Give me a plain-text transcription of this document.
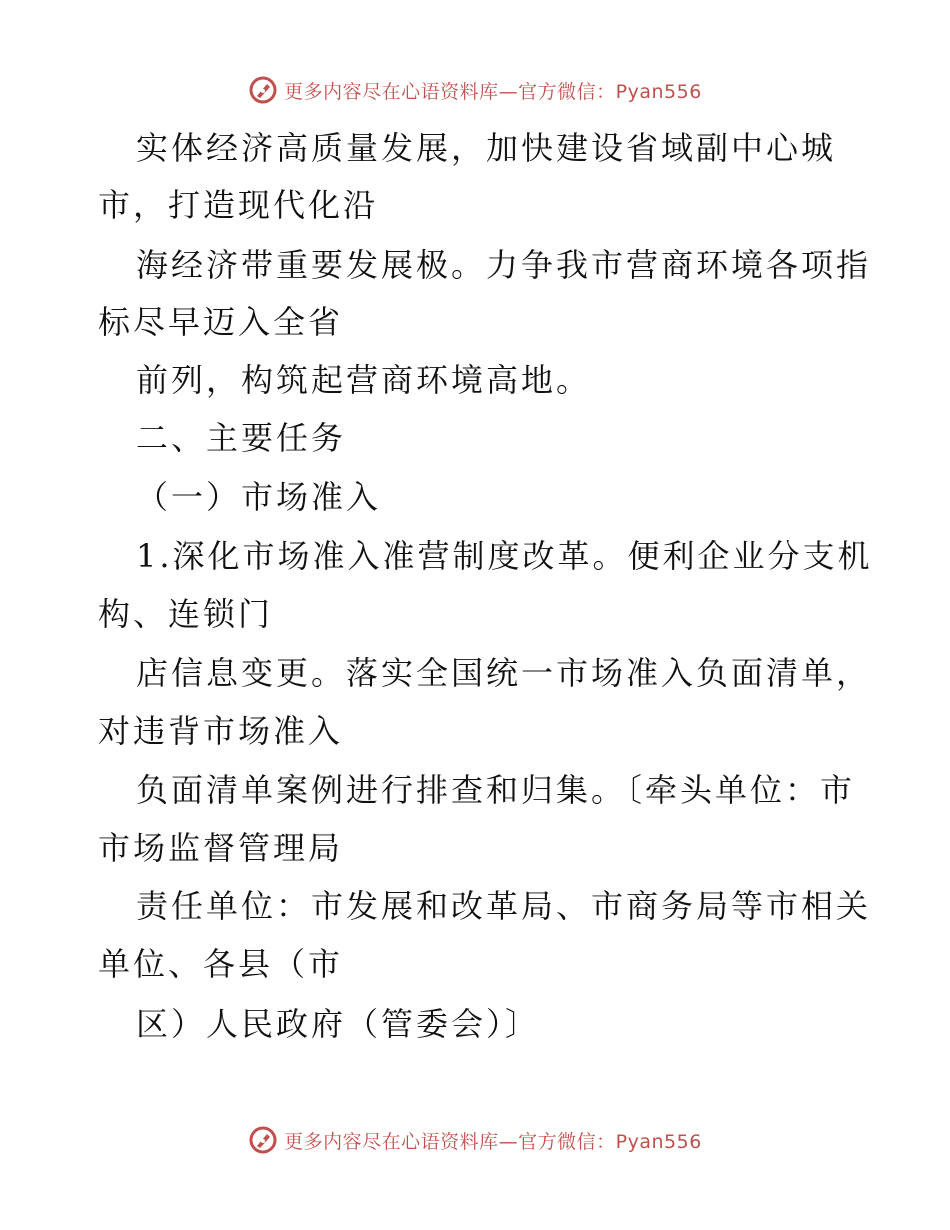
更多内容尽在心语资料库—官方微信：Pyan556
实体经济高质量发展，加快建设省域副中心城
市，打造现代化沿
海经济带重要发展极。力争我市营商环境各项指
标尽早迈入全省
前列，构筑起营商环境高地。
二、主要任务
（一）市场准入
1.深化市场准入准营制度改革。便利企业分支机
构、连锁门
店信息变更。落实全国统一市场准入负面清单，
对违背市场准入
负面清单案例进行排查和归集。〔牵头单位：市
市场监督管理局
责任单位：市发展和改革局、市商务局等市相关
单位、各县（市
区）人民政府（管委会）〕
更多内容尽在心语资料库—官方微信：Pyan556
